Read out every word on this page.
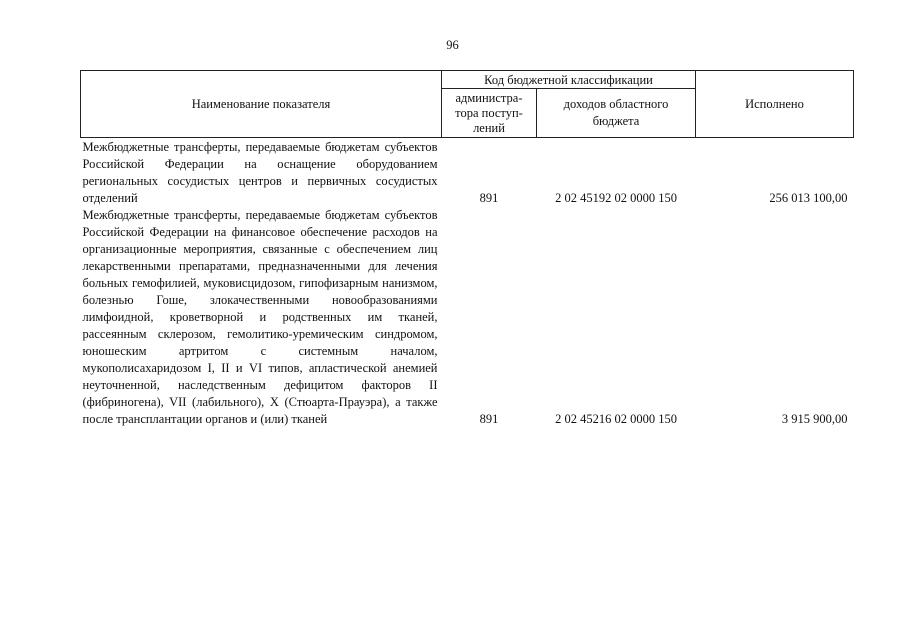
96
Наименование показателя	Код бюджетной классификации		Исполнено
	администра-тора поступ-лений	доходов областного бюджета	
Межбюджетные трансферты, передаваемые бюджетам субъектов Российской Федерации на оснащение оборудованием региональных сосудистых центров и первичных сосудистых отделений	891	2 02 45192 02 0000 150	256 013 100,00
Межбюджетные трансферты, передаваемые бюджетам субъектов Российской Федерации на финансовое обеспечение расходов на организационные мероприятия, связанные с обеспечением лиц лекарственными препаратами, предназначенными для лечения больных гемофилией, муковисцидозом, гипофизарным нанизмом, болезнью Гоше, злокачественными новообразованиями лимфоидной, кроветворной и родственных им тканей, рассеянным склерозом, гемолитико-уремическим синдромом, юношеским артритом с системным началом, мукополисахаридозом I, II и VI типов, апластической анемией неуточненной, наследственным дефицитом факторов II (фибриногена), VII (лабильного), X (Стюарта-Прауэра), а также после трансплантации органов и (или) тканей	891	2 02 45216 02 0000 150	3 915 900,00
